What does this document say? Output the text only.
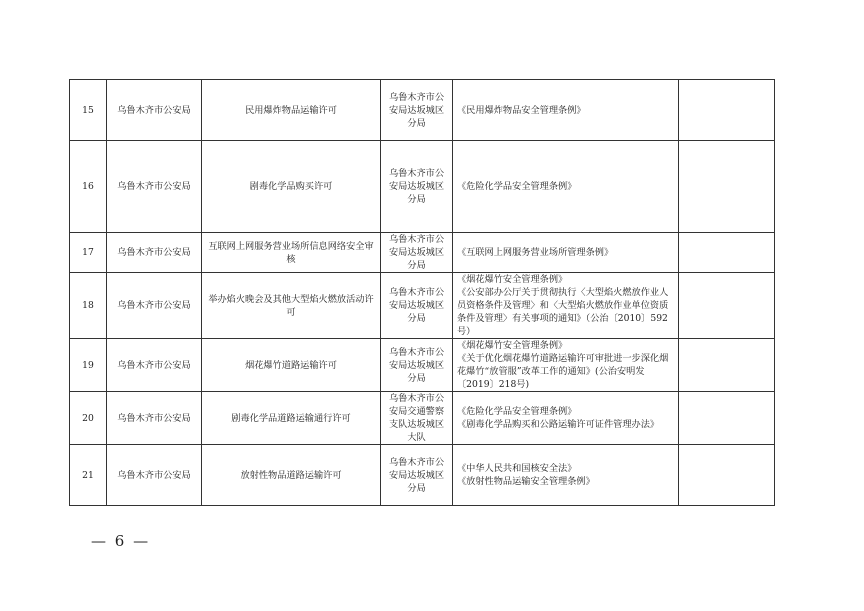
15	乌鲁木齐市公安局	民用爆炸物品运输许可	乌鲁木齐市公安局达坂城区分局	《民用爆炸物品安全管理条例》	

16	乌鲁木齐市公安局	剧毒化学品购买许可	乌鲁木齐市公安局达坂城区分局	《危险化学品安全管理条例》	

17	乌鲁木齐市公安局	互联网上网服务营业场所信息网络安全审核	乌鲁木齐市公安局达坂城区分局	《互联网上网服务营业场所管理条例》	

18	乌鲁木齐市公安局	举办焰火晚会及其他大型焰火燃放活动许可	乌鲁木齐市公安局达坂城区分局	《烟花爆竹安全管理条例》
《公安部办公厅关于贯彻执行〈大型焰火燃放作业人员资格条件及管理〉和〈大型焰火燃放作业单位资质条件及管理〉有关事项的通知》（公治〔2010〕592号）	

19	乌鲁木齐市公安局	烟花爆竹道路运输许可	乌鲁木齐市公安局达坂城区分局	《烟花爆竹安全管理条例》
《关于优化烟花爆竹道路运输许可审批进一步深化烟花爆竹“放管服”改革工作的通知》(公治安明发〔2019〕218号)	

20	乌鲁木齐市公安局	剧毒化学品道路运输通行许可	乌鲁木齐市公安局交通警察支队达坂城区大队	《危险化学品安全管理条例》
《剧毒化学品购买和公路运输许可证件管理办法》	

21	乌鲁木齐市公安局	放射性物品道路运输许可	乌鲁木齐市公安局达坂城区分局	《中华人民共和国核安全法》
《放射性物品运输安全管理条例》	

— 6 —
